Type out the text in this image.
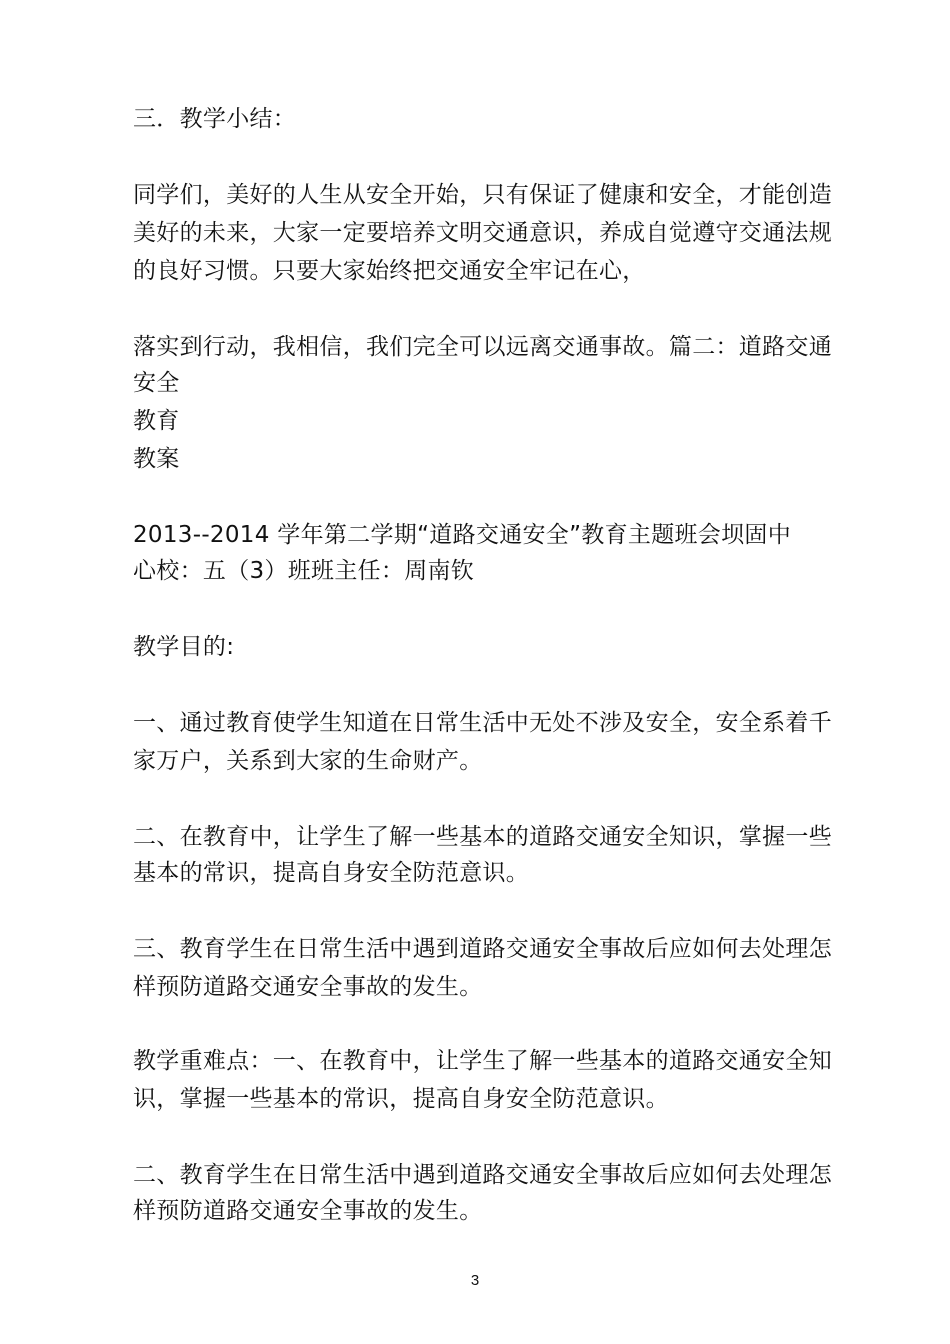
三．教学小结：
同学们，美好的人生从安全开始，只有保证了健康和安全，才能创造
美好的未来，大家一定要培养文明交通意识，养成自觉遵守交通法规
的良好习惯。只要大家始终把交通安全牢记在心，
落实到行动，我相信，我们完全可以远离交通事故。篇二：道路交通
安全
教育
教案
2013--2014 学年第二学期“道路交通安全”教育主题班会坝固中
心校：五（3）班班主任：周南钦
教学目的:
一、通过教育使学生知道在日常生活中无处不涉及安全，安全系着千
家万户，关系到大家的生命财产。
二、在教育中，让学生了解一些基本的道路交通安全知识，掌握一些
基本的常识，提高自身安全防范意识。
三、教育学生在日常生活中遇到道路交通安全事故后应如何去处理怎
样预防道路交通安全事故的发生。
教学重难点：一、在教育中，让学生了解一些基本的道路交通安全知
识，掌握一些基本的常识，提高自身安全防范意识。
二、教育学生在日常生活中遇到道路交通安全事故后应如何去处理怎
样预防道路交通安全事故的发生。
3
